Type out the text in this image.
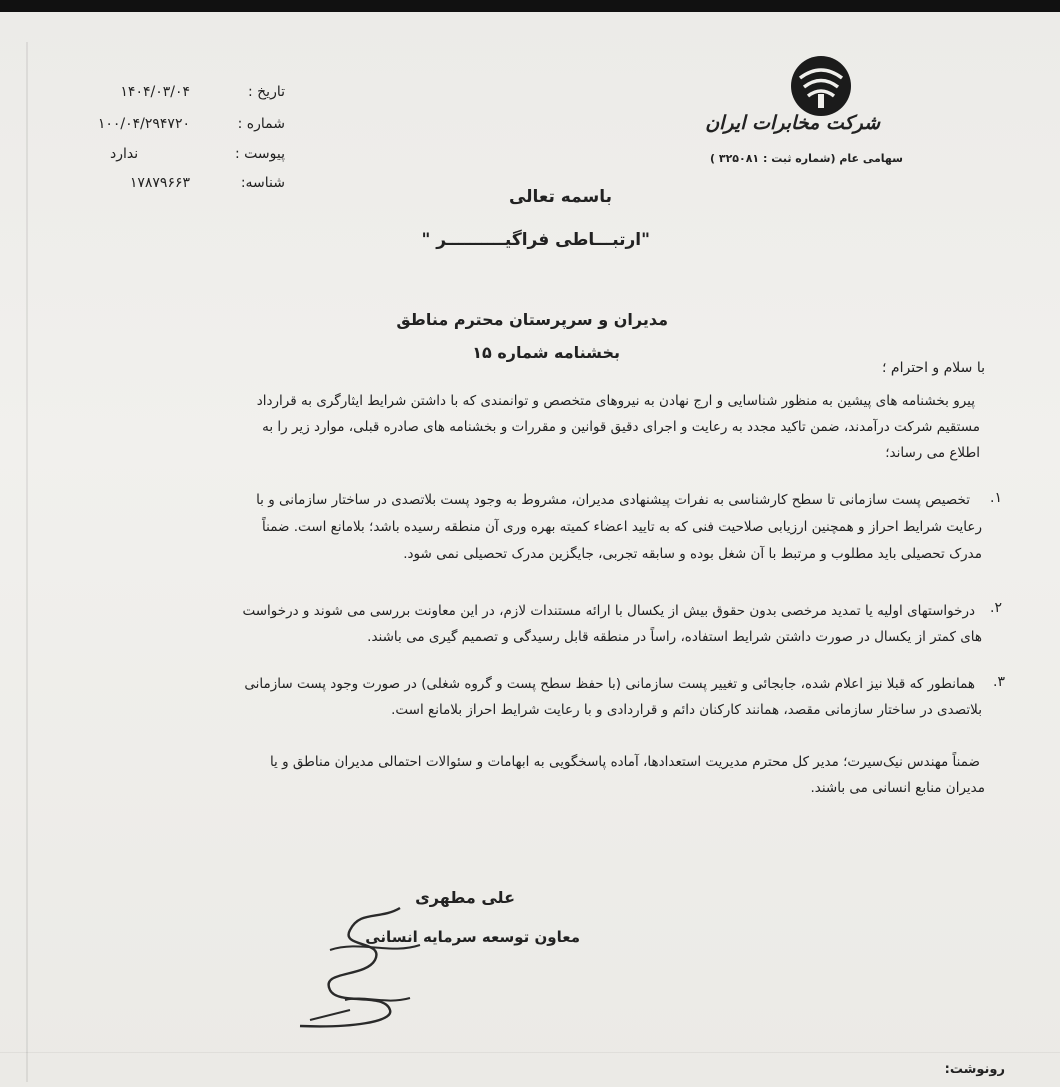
شرکت مخابرات ایران
سهامی عام (شماره ثبت : ۳۲۵۰۸۱ )
تاریخ :
۱۴۰۴/۰۳/۰۴
شماره :
۱۰۰/۰۴/۲۹۴۷۲۰
پیوست :
ندارد
شناسه:
۱۷۸۷۹۶۶۳
باسمه تعالی
"ارتبـــاطی فراگیــــــــــر "
مدیران و سرپرستان محترم مناطق
بخشنامه شماره ۱۵
با سلام و احترام ؛
پیرو بخشنامه های پیشین به منظور شناسایی و ارج نهادن به نیروهای متخصص و توانمندی که با داشتن شرایط ایثارگری به قرارداد
مستقیم شرکت درآمدند، ضمن تاکید مجدد به رعایت و اجرای دقیق قوانین و مقررات و بخشنامه های صادره قبلی، موارد زیر را به
اطلاع می رساند؛
۱.
تخصیص پست سازمانی تا سطح کارشناسی به نفرات پیشنهادی مدیران، مشروط به وجود پست بلاتصدی در ساختار سازمانی و با
رعایت شرایط احراز و همچنین ارزیابی صلاحیت فنی که به تایید اعضاء کمیته بهره وری آن منطقه رسیده باشد؛ بلامانع است. ضمناً
مدرک تحصیلی باید مطلوب و مرتبط با آن شغل بوده و سابقه تجربی، جایگزین مدرک تحصیلی نمی شود.
۲.
درخواستهای اولیه یا تمدید مرخصی بدون حقوق بیش از یکسال با ارائه مستندات لازم، در این معاونت بررسی می شوند و درخواست
های کمتر از یکسال در صورت داشتن شرایط استفاده، راساً در منطقه قابل رسیدگی و تصمیم گیری می باشند.
۳.
همانطور که قبلا نیز اعلام شده، جابجائی و تغییر پست سازمانی (با حفظ سطح پست و گروه شغلی) در صورت وجود پست سازمانی
بلاتصدی در ساختار سازمانی مقصد، همانند کارکنان دائم و قراردادی و با رعایت شرایط احراز بلامانع است.
ضمناً مهندس نیک‌سیرت؛ مدیر کل محترم مدیریت استعدادها، آماده پاسخگویی به ابهامات و سئوالات احتمالی مدیران مناطق و یا
مدیران منابع انسانی می باشند.
علی مطهری
معاون توسعه سرمایه انسانی
رونوشت:
